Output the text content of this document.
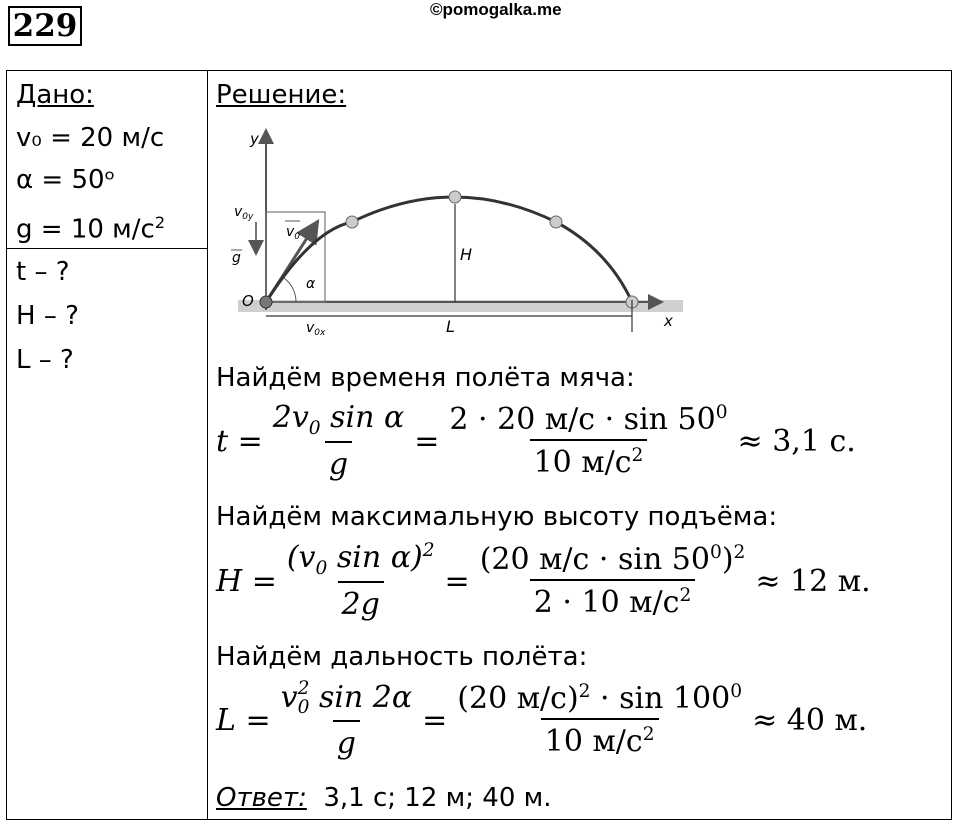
229	©pomogalka.me
Дано:
v₀ = 20 м/с
α = 50ᵒ
g = 10 $м/с^2$
t – ?
H – ?
L – ?
Решение:
y
x
O
$v_{0y}$
$v_0$
g
α
H
L
$v_{0x}$
Найдём временя полёта мяча:
$t = \frac{2v_0 \sin \alpha}{g} = \frac{2 \cdot 20 м/с \cdot \sin 50^0}{10 м/с^2} \approx 3,1$ с.
Найдём максимальную высоту подъёма:
$H = \frac{(v_0 \sin \alpha)^2}{2g} = \frac{(20 м/с \cdot \sin 50^0)^2}{2 \cdot 10 м/с^2} \approx 12$ м.
Найдём дальность полёта:
L = v 2
0 sin 2α
$g = \frac{(20 м/с)^2 \cdot \sin 100^0}{10 м/с^2} \approx 40$ м.
Ответ: 3,1 с; 12 м; 40 м.
